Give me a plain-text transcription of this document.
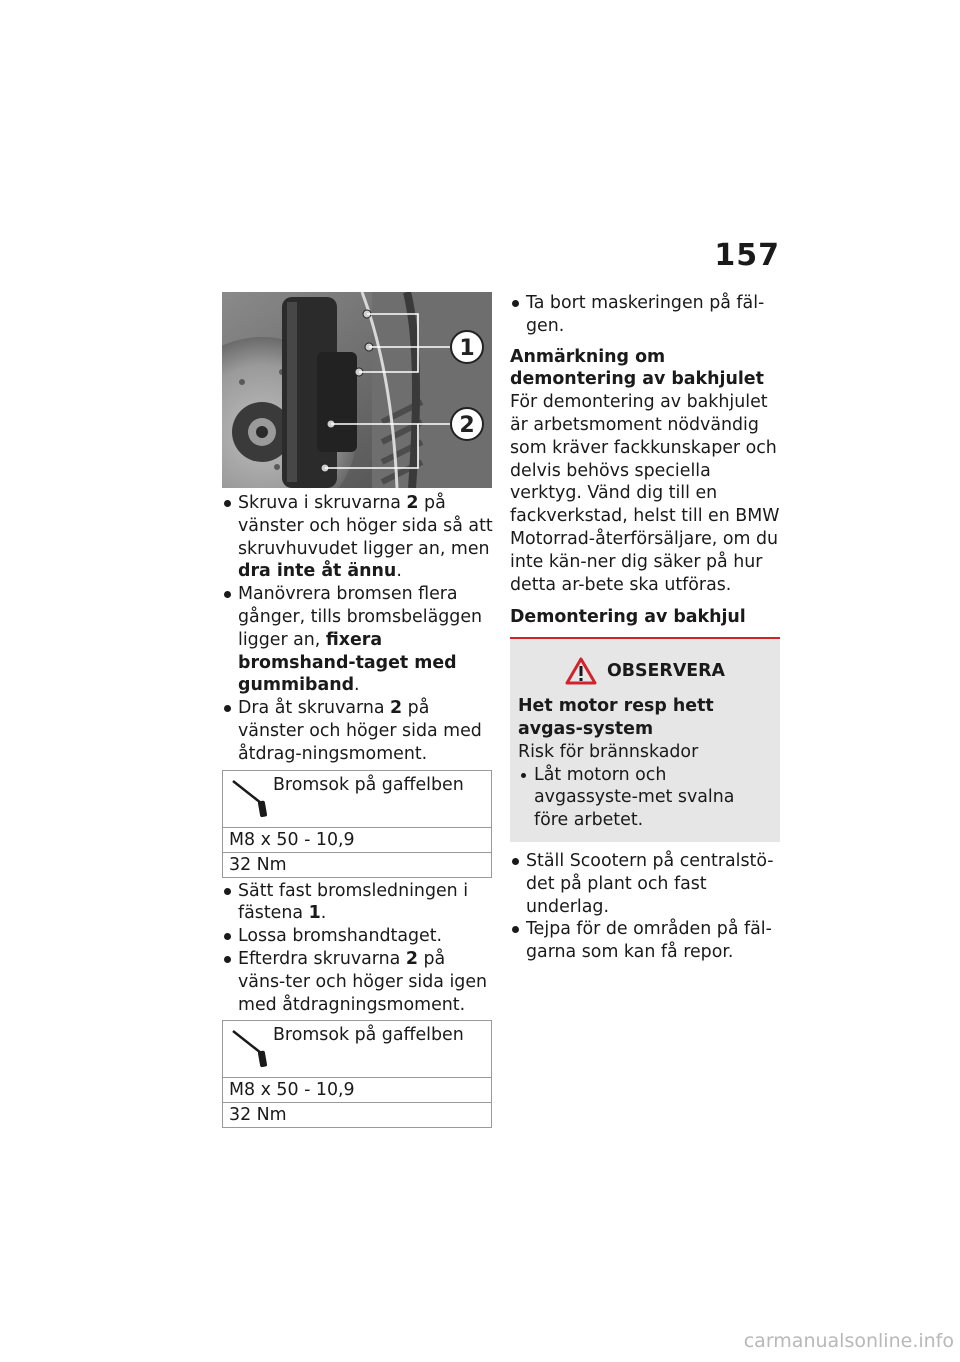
157
1
2
Skruva i skruvarna 2 på vänster och höger sida så att skruvhuvudet ligger an, men dra inte åt ännu.
Manövrera bromsen flera gånger, tills bromsbeläggen ligger an, fixera bromshand-taget med gummiband.
Dra åt skruvarna 2 på vänster och höger sida med åtdrag-ningsmoment.
Bromsok på gaffelben
M8 x 50 - 10,9
32 Nm
Sätt fast bromsledningen i fästena 1.
Lossa bromshandtaget.
Efterdra skruvarna 2 på väns-ter och höger sida igen med åtdragningsmoment.
Bromsok på gaffelben
M8 x 50 - 10,9
32 Nm
Ta bort maskeringen på fäl-gen.
Anmärkning om demontering av bakhjulet
För demontering av bakhjulet är arbetsmoment nödvändig som kräver fackkunskaper och delvis behövs speciella verktyg. Vänd dig till en fackverkstad, helst till en BMW Motorrad-återförsäljare, om du inte kän-ner dig säker på hur detta ar-bete ska utföras.
Demontering av bakhjul
OBSERVERA
Het motor resp hett avgas-system
Risk för brännskador
Låt motorn och avgassyste-met svalna före arbetet.
Ställ Scootern på centralstö-det på plant och fast underlag.
Tejpa för de områden på fäl-garna som kan få repor.
carmanualsonline.info
